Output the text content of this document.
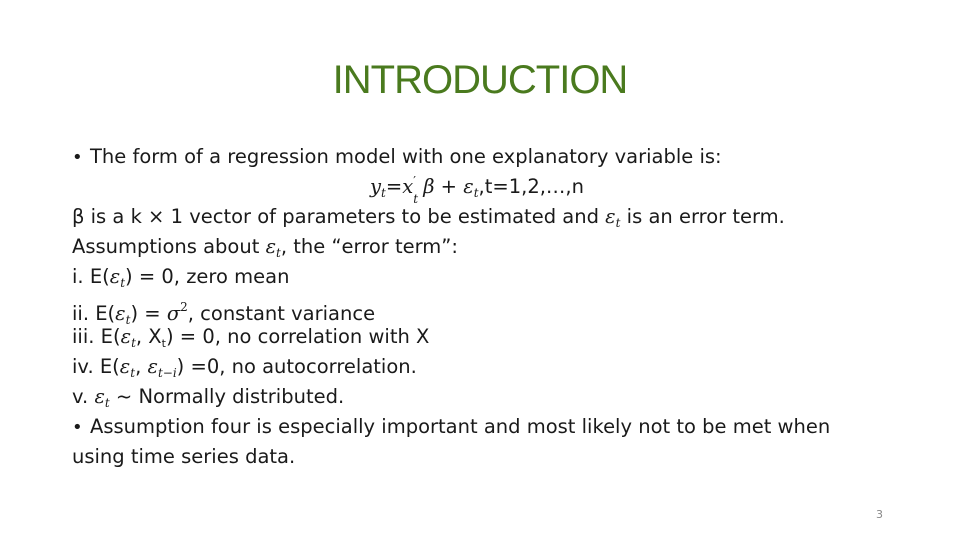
INTRODUCTION
• The form of a regression model with one explanatory variable is:
$y_t=x$ ′
t
$\beta + \varepsilon_t,t=1,2,\dots,n$
β is a k × 1 vector of parameters to be estimated and $\varepsilon_t$ is an error term.
Assumptions about $\varepsilon_t$, the “error term”:
i. $E(\varepsilon_t) = 0$, zero mean
ii. $E(\varepsilon_t) = \sigma^2$, constant variance
iii. $E(\varepsilon_t$, $X_t) = 0$, no correlation with X
iv. $E(\varepsilon_t$, $\varepsilon_{t-i}) =0$, no autocorrelation.
v. $\varepsilon_t$ ~ Normally distributed.
• Assumption four is especially important and most likely not to be met when
using time series data.
3
